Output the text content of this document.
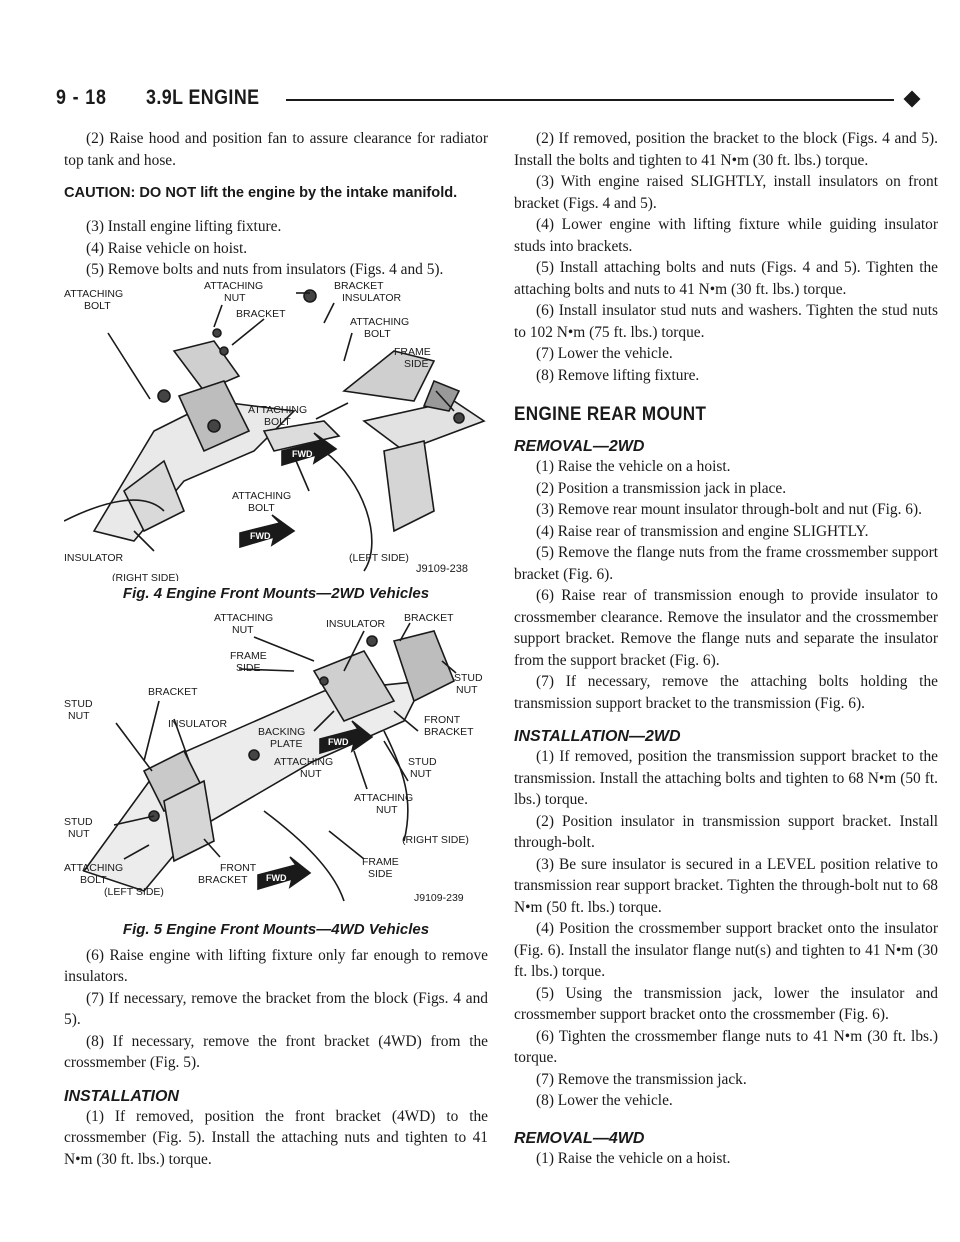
9 - 18 3.9L ENGINE

(2) Raise hood and position fan to assure clearance for radiator top tank and hose.

CAUTION: DO NOT lift the engine by the intake manifold.

(3) Install engine lifting fixture.

(4) Raise vehicle on hoist.

(5) Remove bolts and nuts from insulators (Figs. 4 and 5).

FWD
FWD
ATTACHING
BOLT
ATTACHING
NUT
BRACKET
BRACKET
INSULATOR
ATTACHING
BOLT
FRAME
SIDE
ATTACHING
BOLT
ATTACHING
BOLT
INSULATOR	(LEFT SIDE)
(RIGHT SIDE)
J9109-238
Fig. 4 Engine Front Mounts—2WD Vehicles
FWD
FWD
ATTACHING
NUT	INSULATOR BRACKET
FRAME
SIDE
STUD
NUT
BRACKET
STUD
NUT
INSULATOR
BACKING
PLATE
FRONT
BRACKET
ATTACHING
NUT
STUD
NUT
ATTACHING
NUT
STUD
NUT	(RIGHT SIDE)
ATTACHING
BOLT
FRONT
BRACKET
FRAME
SIDE
(LEFT SIDE)	J9109-239
Fig. 5 Engine Front Mounts—4WD Vehicles

(6) Raise engine with lifting fixture only far enough to remove insulators.

(7) If necessary, remove the bracket from the block (Figs. 4 and 5).

(8) If necessary, remove the front bracket (4WD) from the crossmember (Fig. 5).

INSTALLATION

(1) If removed, position the front bracket (4WD) to the crossmember (Fig. 5). Install the attaching nuts and tighten to 41 N•m (30 ft. lbs.) torque.

(2) If removed, position the bracket to the block (Figs. 4 and 5). Install the bolts and tighten to 41 N•m (30 ft. lbs.) torque.

(3) With engine raised SLIGHTLY, install insulators on front bracket (Figs. 4 and 5).

(4) Lower engine with lifting fixture while guiding insulator studs into brackets.

(5) Install attaching bolts and nuts (Figs. 4 and 5). Tighten the attaching bolts and nuts to 41 N•m (30 ft. lbs.) torque.

(6) Install insulator stud nuts and washers. Tighten the stud nuts to 102 N•m (75 ft. lbs.) torque.

(7) Lower the vehicle.

(8) Remove lifting fixture.

ENGINE REAR MOUNT
REMOVAL—2WD

(1) Raise the vehicle on a hoist.

(2) Position a transmission jack in place.

(3) Remove rear mount insulator through-bolt and nut (Fig. 6).

(4) Raise rear of transmission and engine SLIGHTLY.

(5) Remove the flange nuts from the frame crossmember support bracket (Fig. 6).

(6) Raise rear of transmission enough to provide insulator to crossmember clearance. Remove the insulator and the crossmember support bracket. Remove the flange nuts and separate the insulator from the support bracket (Fig. 6).

(7) If necessary, remove the attaching bolts holding the transmission support bracket to the transmission (Fig. 6).

INSTALLATION—2WD

(1) If removed, position the transmission support bracket to the transmission. Install the attaching bolts and tighten to 68 N•m (50 ft. lbs.) torque.

(2) Position insulator in transmission support bracket. Install through-bolt.

(3) Be sure insulator is secured in a LEVEL position relative to transmission rear support bracket. Tighten the through-bolt nut to 68 N•m (50 ft. lbs.) torque.

(4) Position the crossmember support bracket onto the insulator (Fig. 6). Install the insulator flange nut(s) and tighten to 41 N•m (30 ft. lbs.) torque.

(5) Using the transmission jack, lower the insulator and crossmember support bracket onto the crossmember (Fig. 6).

(6) Tighten the crossmember flange nuts to 41 N•m (30 ft. lbs.) torque.

(7) Remove the transmission jack.

(8) Lower the vehicle.

REMOVAL—4WD

(1) Raise the vehicle on a hoist.
